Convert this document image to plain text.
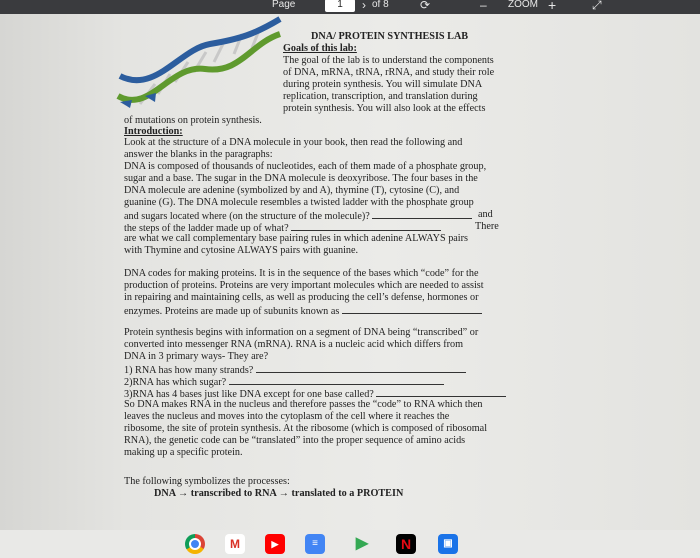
Page	1	› of 8	⟳	– ZOOM +	⤢
DNA/ PROTEIN SYNTHESIS LAB
Goals of this lab:
The goal of the lab is to understand the components
of DNA, mRNA, tRNA, rRNA, and study their role
during protein synthesis. You will simulate DNA
replication, transcription, and translation during
protein synthesis. You will also look at the effects
of mutations on protein synthesis.
Introduction:
Look at the structure of a DNA molecule in your book, then read the following and
answer the blanks in the paragraphs:
DNA is composed of thousands of nucleotides, each of them made of a phosphate group,
sugar and a base. The sugar in the DNA molecule is deoxyribose. The four bases in the
DNA molecule are adenine (symbolized by and A), thymine (T), cytosine (C), and
guanine (G). The DNA molecule resembles a twisted ladder with the phosphate group
and sugars located where (on the structure of the molecule)?	and
the steps of the ladder made up of what?	There
are what we call complementary base pairing rules in which adenine ALWAYS pairs
with Thymine and cytosine ALWAYS pairs with guanine.
DNA codes for making proteins. It is in the sequence of the bases which “code” for the
production of proteins. Proteins are very important molecules which are needed to assist
in repairing and maintaining cells, as well as producing the cell’s defense, hormones or
enzymes. Proteins are made up of subunits known as
Protein synthesis begins with information on a segment of DNA being “transcribed” or
converted into messenger RNA (mRNA). RNA is a nucleic acid which differs from
DNA in 3 primary ways- They are?
1) RNA has how many strands?
2)RNA has which sugar?
3)RNA has 4 bases just like DNA except for one base called?
So DNA makes RNA in the nucleus and therefore passes the “code” to RNA which then
leaves the nucleus and moves into the cytoplasm of the cell where it reaches the
ribosome, the site of protein synthesis. At the ribosome (which is composed of ribosomal
RNA), the genetic code can be “translated” into the proper sequence of amino acids
making up a specific protein.
The following symbolizes the processes:
DNA → transcribed to RNA → translated to a PROTEIN
M	▶	≡	▶	N	▣
